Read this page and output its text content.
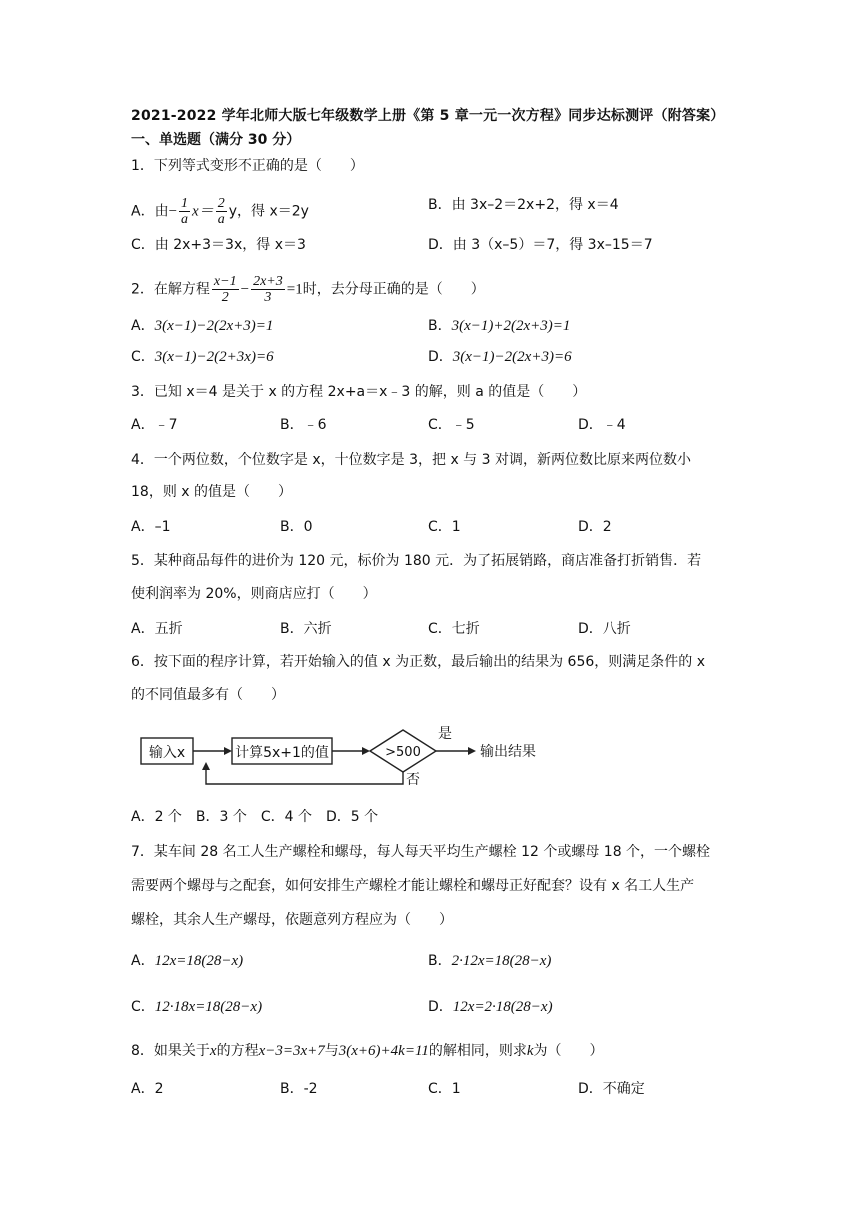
2021-2022 学年北师大版七年级数学上册《第 5 章一元一次方程》同步达标测评（附答案）
一、单选题（满分 30 分）
1．下列等式变形不正确的是（　　）
A．由− $\frac{1}{a} x= \frac{2}{a}$ y，得 x＝2y	B．由 3x–2＝2x+2，得 x＝4
C．由 2x+3＝3x，得 x＝3	D．由 3（x–5）＝7，得 3x–15＝7
2．在解方程 $\frac{x-1}{2} - \frac{2x+3}{3} =1$时，去分母正确的是（　　）
A．3(x−1)−2(2x+3)=1	B．3(x−1)+2(2x+3)=1
C．3(x−1)−2(2+3x)=6	D．3(x−1)−2(2x+3)=6
3．已知 x＝4 是关于 x 的方程 2x+a＝x﹣3 的解，则 a 的值是（　　）
A．﹣7	B．﹣6	C．﹣5	D．﹣4
4．一个两位数，个位数字是 x，十位数字是 3，把 x 与 3 对调，新两位数比原来两位数小
18，则 x 的值是（　　）
A．–1	B．0	C．1	D．2
5．某种商品每件的进价为 120 元，标价为 180 元．为了拓展销路，商店准备打折销售．若
使利润率为 20%，则商店应打（　　）
A．五折	B．六折	C．七折	D．八折
6．按下面的程序计算，若开始输入的值 x 为正数，最后输出的结果为 656，则满足条件的 x
的不同值最多有（　　）
输入x	计算5x+1的值	>500
是
输出结果
否
A．2 个　B．3 个　C．4 个　D．5 个
7．某车间 28 名工人生产螺栓和螺母，每人每天平均生产螺栓 12 个或螺母 18 个，一个螺栓
需要两个螺母与之配套，如何安排生产螺栓才能让螺栓和螺母正好配套？设有 x 名工人生产
螺栓，其余人生产螺母，依题意列方程应为（　　）
A．12x=18(28−x)	B．2·12x=18(28−x)
C．12·18x=18(28−x)	D．12x=2·18(28−x)
8．如果关于x的方程x−3=3x+7与3(x+6)+4k=11的解相同，则求k为（　　）
A．2	B．-2	C．1	D．不确定
